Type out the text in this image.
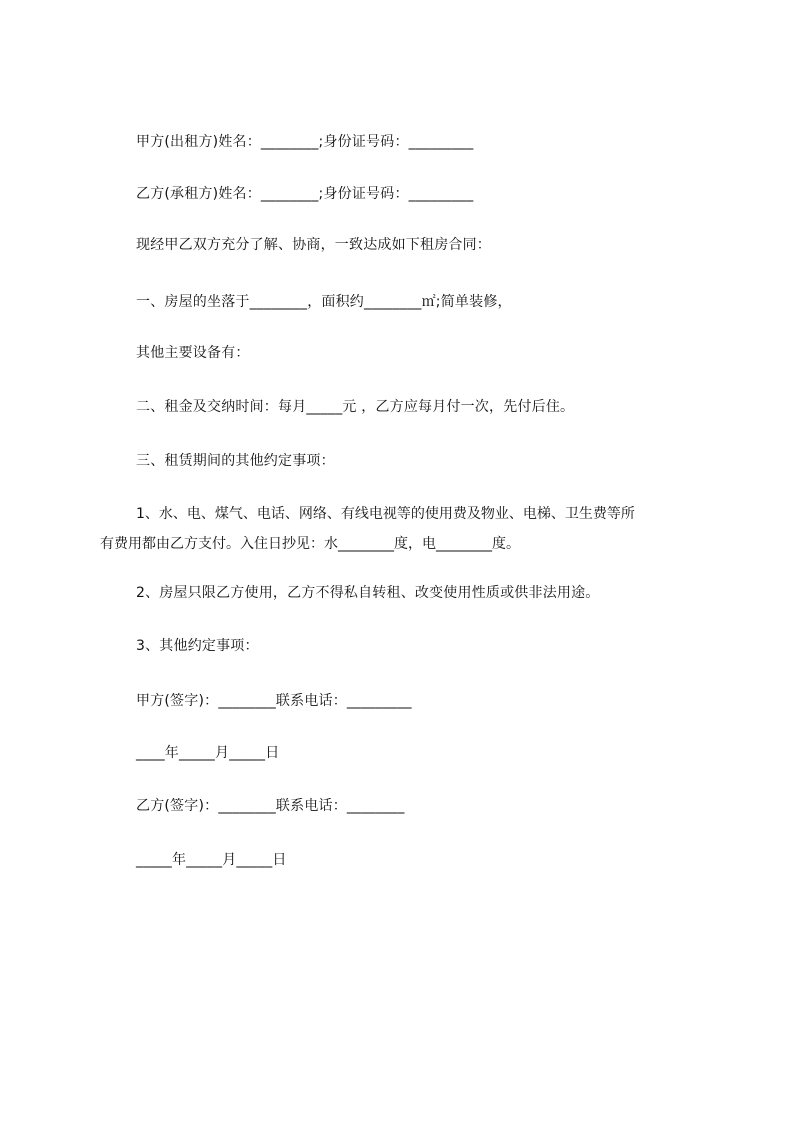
甲方(出租方)姓名：________;身份证号码：_________
乙方(承租方)姓名：________;身份证号码：_________
现经甲乙双方充分了解、协商，一致达成如下租房合同：
一、房屋的坐落于________，面积约________㎡;简单装修，
其他主要设备有：
二、租金及交纳时间：每月_____元 ，乙方应每月付一次，先付后住。
三、租赁期间的其他约定事项：
1、水、电、煤气、电话、网络、有线电视等的使用费及物业、电梯、卫生费等所
有费用都由乙方支付。入住日抄见：水________度，电________度。
2、房屋只限乙方使用，乙方不得私自转租、改变使用性质或供非法用途。
3、其他约定事项：
甲方(签字)：________联系电话：_________
____年_____月_____日
乙方(签字)：________联系电话：________
_____年_____月_____日
